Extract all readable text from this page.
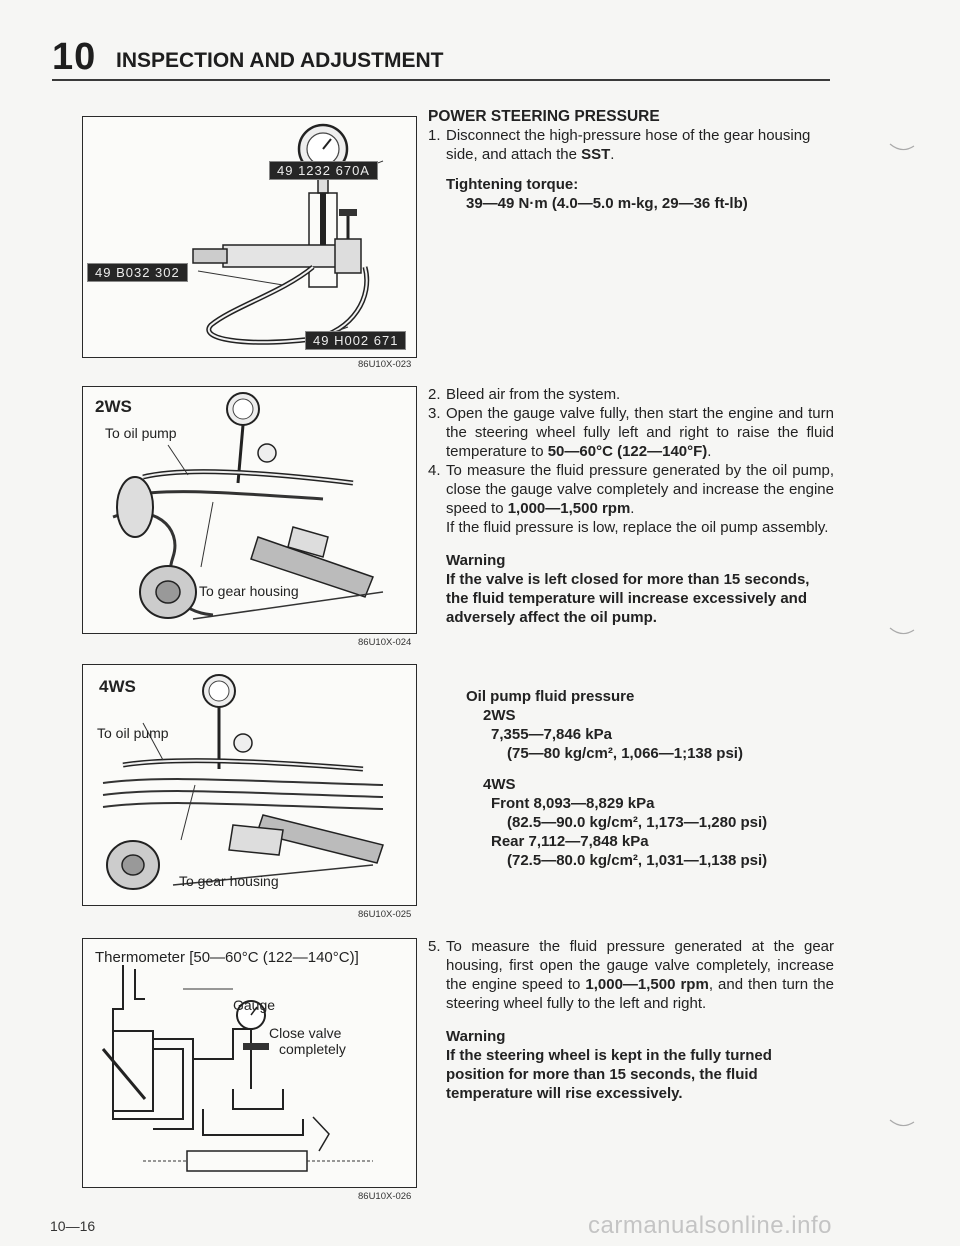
10 INSPECTION AND ADJUSTMENT
49 1232 670A
49 B032 302
49 H002 671
86U10X-023
2WS
To oil pump
To gear housing
86U10X-024
4WS
To oil pump
To gear housing
86U10X-025
Thermometer [50—60°C (122—140°C)]
Gauge
Close valve
completely
86U10X-026

POWER STEERING PRESSURE

1. Disconnect the high-pressure hose of the gear housing side, and attach the SST.

Tightening torque:

39—49 N·m (4.0—5.0 m-kg, 29—36 ft-lb)

2. Bleed air from the system.

3. Open the gauge valve fully, then start the engine and turn the steering wheel fully left and right to raise the fluid temperature to 50—60°C (122—140°F).

4. To measure the fluid pressure generated by the oil pump, close the gauge valve completely and increase the engine speed to 1,000—1,500 rpm.

If the fluid pressure is low, replace the oil pump assembly.

Warning

If the valve is left closed for more than 15 seconds, the fluid temperature will increase excessively and adversely affect the oil pump.

Oil pump fluid pressure

2WS

7,355—7,846 kPa

(75—80 kg/cm², 1,066—1;138 psi)

4WS

Front 8,093—8,829 kPa

(82.5—90.0 kg/cm², 1,173—1,280 psi)

Rear 7,112—7,848 kPa

(72.5—80.0 kg/cm², 1,031—1,138 psi)

5. To measure the fluid pressure generated at the gear housing, first open the gauge valve completely, increase the engine speed to 1,000—1,500 rpm, and then turn the steering wheel fully to the left and right.

Warning

If the steering wheel is kept in the fully turned position for more than 15 seconds, the fluid temperature will rise excessively.

10—16	carmanualsonline.info
